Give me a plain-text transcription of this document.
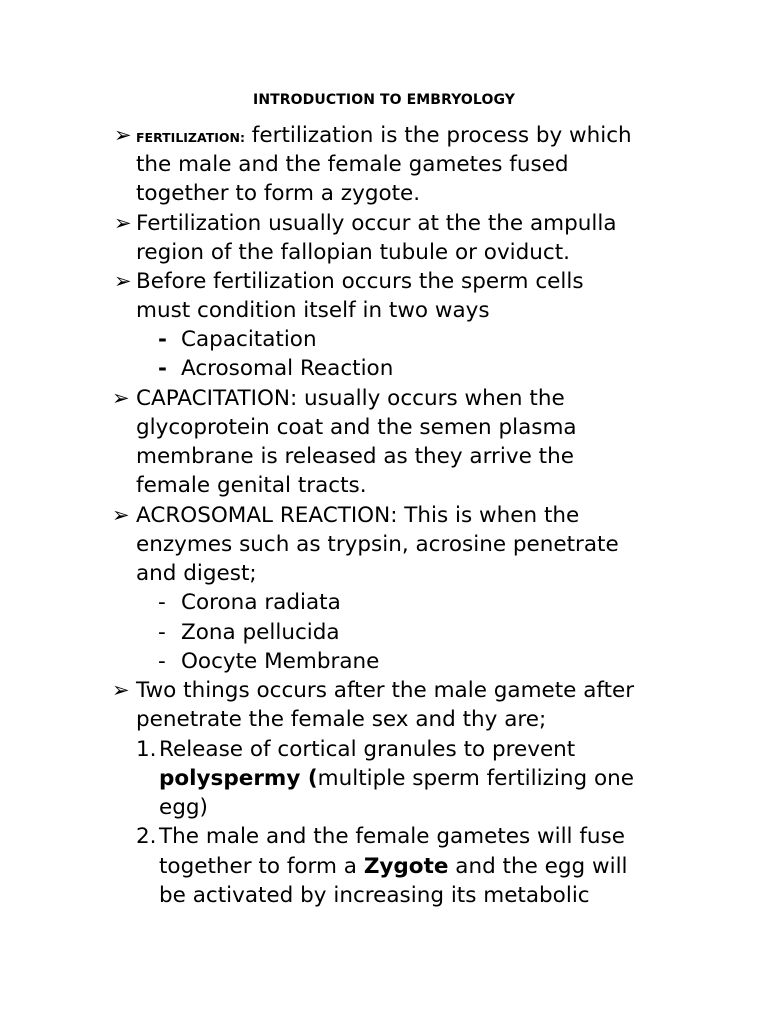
INTRODUCTION TO EMBRYOLOGY
➢ FERTILIZATION: fertilization is the process by which
the male and the female gametes fused
together to form a zygote.
➢ Fertilization usually occur at the the ampulla
region of the fallopian tubule or oviduct.
➢ Before fertilization occurs the sperm cells
must condition itself in two ways
- Capacitation
- Acrosomal Reaction
➢ CAPACITATION: usually occurs when the
glycoprotein coat and the semen plasma
membrane is released as they arrive the
female genital tracts.
➢ ACROSOMAL REACTION: This is when the
enzymes such as trypsin, acrosine penetrate
and digest;
- Corona radiata
- Zona pellucida
- Oocyte Membrane
➢ Two things occurs after the male gamete after
penetrate the female sex and thy are;
1. Release of cortical granules to prevent
polyspermy (multiple sperm fertilizing one
egg)
2. The male and the female gametes will fuse
together to form a Zygote and the egg will
be activated by increasing its metabolic
